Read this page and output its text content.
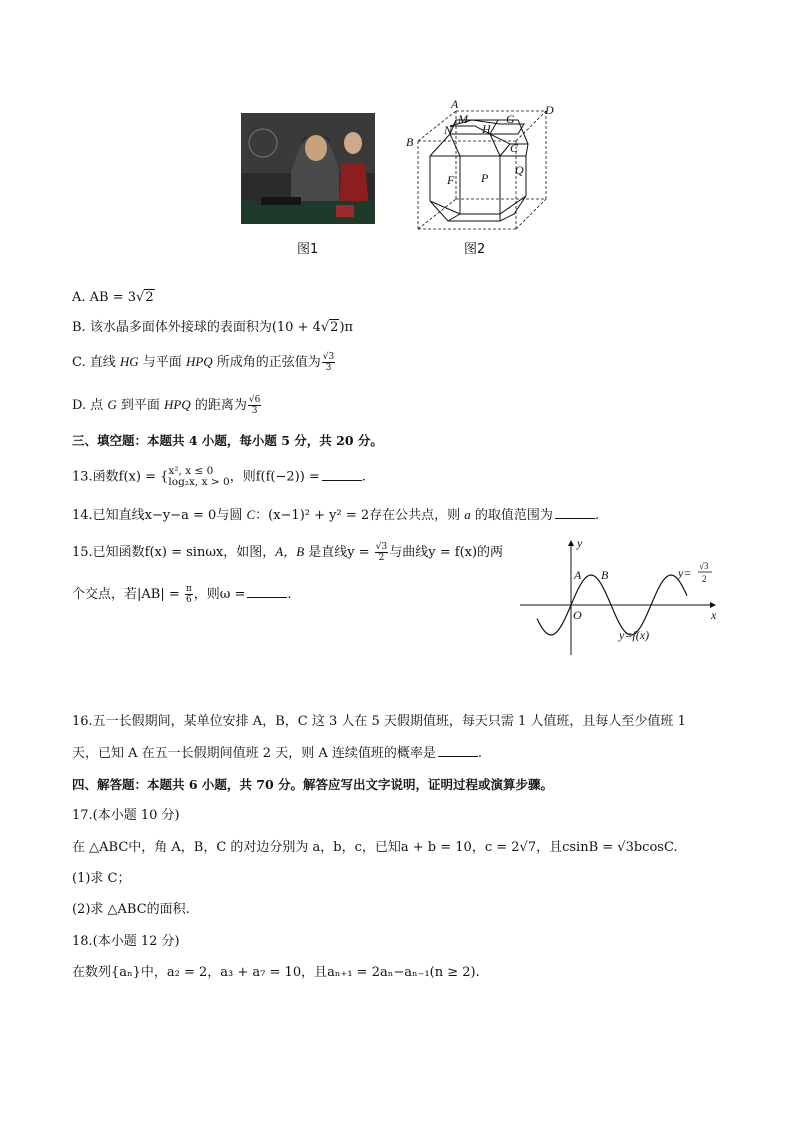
图1
A
M
N H
G
D
B	C
Q
F P
图2
A. AB = 3√2
B. 该水晶多面体外接球的表面积为(10 + 4√2)π
C. 直线 HG 与平面 HPQ 所成角的正弦值为 $\frac{√3}{3}$
D. 点 G 到平面 HPQ 的距离为 $\frac{√6}{3}$
三、填空题：本题共 4 小题，每小题 5 分，共 20 分。
13.函数f(x) = { x², x ≤ 0
log₂x, x > 0 ，则f(f(−2)) =	.
14.已知直线x−y−a = 0与圆 C：(x−1)² + y² = 2存在公共点，则 a 的取值范围为	.
15.已知函数f(x) = sinωx，如图，A，B 是直线$y = \frac{√3}{2}$ 与曲线y = f(x)的两
个交点，若$|AB| = \frac{\pi}{6}$ ，则ω =	.
y
x
O
A B
y=f(x)
y= √3
2
16.五一长假期间，某单位安排 A，B，C 这 3 人在 5 天假期值班，每天只需 1 人值班，且每人至少值班 1
天，已知 A 在五一长假期间值班 2 天，则 A 连续值班的概率是	.
四、解答题：本题共 6 小题，共 70 分。解答应写出文字说明，证明过程或演算步骤。
17.(本小题 10 分)
在 △ABC中，角 A，B，C 的对边分别为 a，b，c，已知a + b = 10，c = 2√7，且csinB = √3bcosC.
(1)求 C；
(2)求 △ABC的面积.
18.(本小题 12 分)
在数列{aₙ}中，a₂ = 2，a₃ + a₇ = 10，且aₙ₊₁ = 2aₙ−aₙ₋₁(n ≥ 2).
